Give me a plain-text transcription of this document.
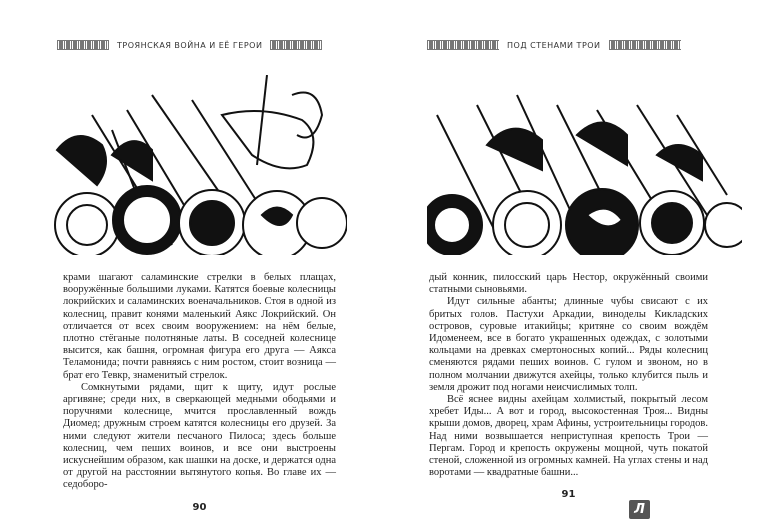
ТРОЯНСКАЯ ВОЙНА И ЕЁ ГЕРОИ

крами шагают саламинские стрелки в белых плащах, вооружённые большими луками. Катятся боевые колесницы локрийских и саламинских военачальников. Стоя в одной из колесниц, правит конями маленький Аякс Локрийский. Он отличается от всех своим вооружением: на нём белые, плотно стёганые полотняные латы. В соседней колеснице высится, как башня, огромная фигура его друга — Аякса Теламонида; почти равняясь с ним ростом, стоит возница — брат его Тевкр, знаменитый стрелок.

Сомкнутыми рядами, щит к щиту, идут рослые аргивяне; среди них, в сверкающей медными ободьями и поручнями колеснице, мчится прославленный вождь Диомед; дружным строем катятся колесницы его друзей. За ними следуют жители песчаного Пилоса; здесь больше колесниц, чем пеших воинов, и все они выстроены искуснейшим образом, как шашки на доске, и держатся одна от другой на расстоянии вытянутого копья. Во главе их — седоборо-

90
ПОД СТЕНАМИ ТРОИ

дый конник, пилосский царь Нестор, окружённый своими статными сыновьями.

Идут сильные абанты; длинные чубы свисают с их бритых голов. Пастухи Аркадии, виноделы Кикладских островов, суровые итакийцы; критяне со своим вождём Идоменеем, все в богато украшенных одеждах, с золотыми кольцами на древках смертоносных копий... Ряды колесниц сменяются рядами пеших воинов. С гулом и звоном, но в полном молчании движутся ахейцы, только клубится пыль и земля дрожит под ногами неисчислимых толп.

Всё яснее видны ахейцам холмистый, покрытый лесом хребет Иды... А вот и город, высокостенная Троя... Видны крыши домов, дворец, храм Афины, устроительницы городов. Над ними возвышается неприступная крепость Трои — Пергам. Город и крепость окружены мощной, чуть покатой стеной, сложенной из огромных камней. На углах стены и над воротами — квадратные башни...

91
Л
